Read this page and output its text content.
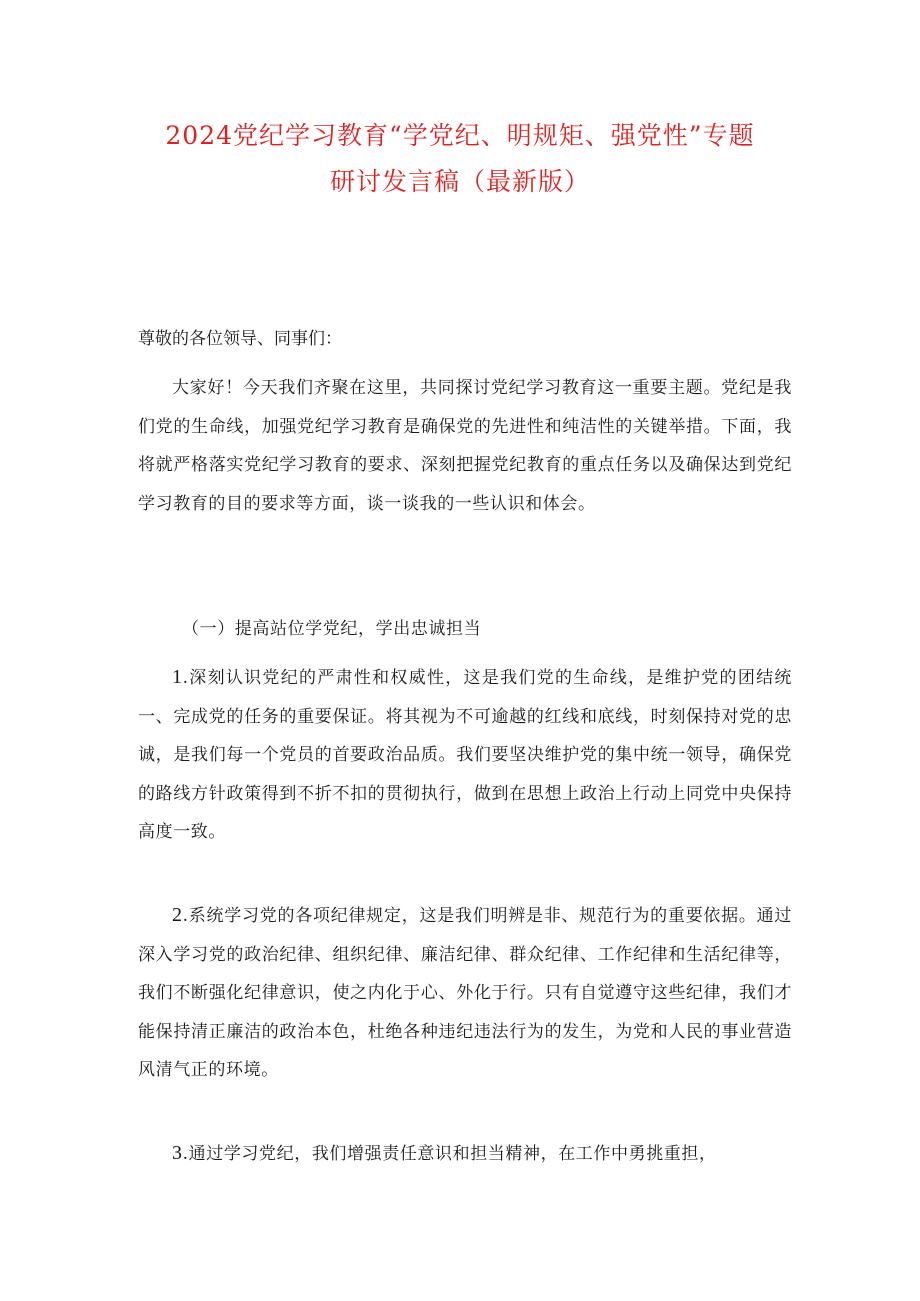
2024党纪学习教育“学党纪、明规矩、强党性”专题
研讨发言稿（最新版）

尊敬的各位领导、同事们：

大家好！今天我们齐聚在这里，共同探讨党纪学习教育这一重要主题。党纪是我们党的生命线，加强党纪学习教育是确保党的先进性和纯洁性的关键举措。下面，我将就严格落实党纪学习教育的要求、深刻把握党纪教育的重点任务以及确保达到党纪学习教育的目的要求等方面，谈一谈我的一些认识和体会。

（一）提高站位学党纪，学出忠诚担当

1.深刻认识党纪的严肃性和权威性，这是我们党的生命线，是维护党的团结统一、完成党的任务的重要保证。将其视为不可逾越的红线和底线，时刻保持对党的忠诚，是我们每一个党员的首要政治品质。我们要坚决维护党的集中统一领导，确保党的路线方针政策得到不折不扣的贯彻执行，做到在思想上政治上行动上同党中央保持高度一致。

2.系统学习党的各项纪律规定，这是我们明辨是非、规范行为的重要依据。通过深入学习党的政治纪律、组织纪律、廉洁纪律、群众纪律、工作纪律和生活纪律等，我们不断强化纪律意识，使之内化于心、外化于行。只有自觉遵守这些纪律，我们才能保持清正廉洁的政治本色，杜绝各种违纪违法行为的发生，为党和人民的事业营造风清气正的环境。

3.通过学习党纪，我们增强责任意识和担当精神，在工作中勇挑重担，
